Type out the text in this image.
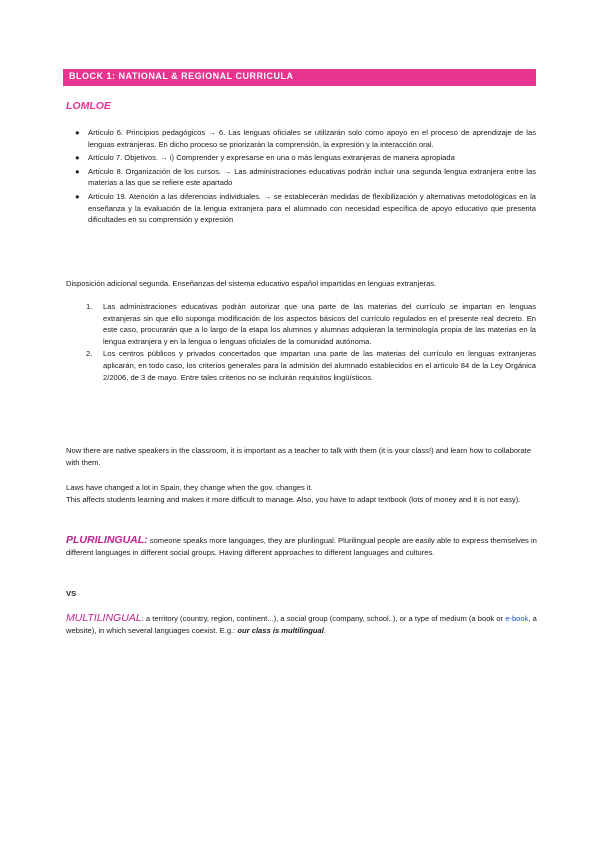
BLOCK 1: NATIONAL & REGIONAL CURRICULA
LOMLOE
● Artículo 6. Principios pedagógicos → 6. Las lenguas oficiales se utilizarán solo como apoyo en el proceso de aprendizaje de las lenguas extranjeras. En dicho proceso se priorizarán la comprensión, la expresión y la interacción oral.
● Artículo 7. Objetivos. → i) Comprender y expresarse en una o más lenguas extranjeras de manera apropiada
● Artículo 8. Organización de los cursos. → Las administraciones educativas podrán incluir una segunda lengua extranjera entre las materias a las que se refiere este apartado
● Artículo 19. Atención a las diferencias individuales. → se establecerán medidas de flexibilización y alternativas metodológicas en la enseñanza y la evaluación de la lengua extranjera para el alumnado con necesidad específica de apoyo educativo que presenta dificultades en su comprensión y expresión
Disposición adicional segunda. Enseñanzas del sistema educativo español impartidas en lenguas extranjeras.
1. Las administraciones educativas podrán autorizar que una parte de las materias del currículo se impartan en lenguas extranjeras sin que ello suponga modificación de los aspectos básicos del currículo regulados en el presente real decreto. En este caso, procurarán que a lo largo de la etapa los alumnos y alumnas adquieran la terminología propia de las materias en la lengua extranjera y en la lengua o lenguas oficiales de la comunidad autónoma.
2. Los centros públicos y privados concertados que impartan una parte de las materias del currículo en lenguas extranjeras aplicarán, en todo caso, los criterios generales para la admisión del alumnado establecidos en el artículo 84 de la Ley Orgánica 2/2006, de 3 de mayo. Entre tales criterios no se incluirán requisitos lingüísticos.
Now there are native speakers in the classroom, it is important as a teacher to talk with them (it is your class!) and learn how to collaborate with them.
Laws have changed a lot in Spain, they change when the gov. changes it.
This affects students learning and makes it more difficult to manage. Also, you have to adapt textbook (lots of money and it is not easy).
PLURILINGUAL: someone speaks more languages, they are plurilingual. Plurilingual people are easily able to express themselves in different languages in different social groups. Having different approaches to different languages and cultures.
VS
MULTILINGUAL: a territory (country, region, continent...), a social group (company, school..), or a type of medium (a book or e-book, a website), in which several languages coexist. E.g.: our class is multilingual.
